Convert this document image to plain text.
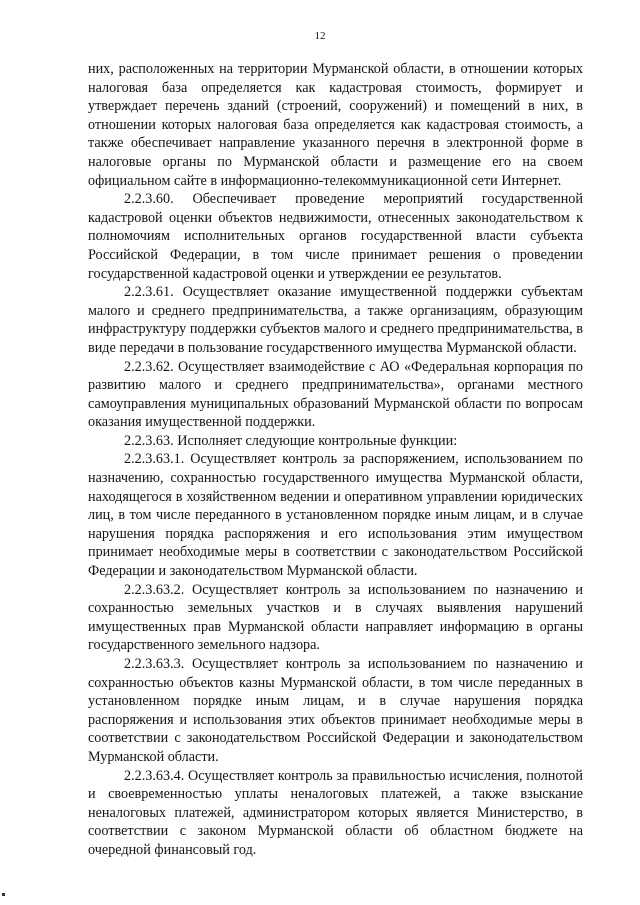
12

них, расположенных на территории Мурманской области, в отношении которых налоговая база определяется как кадастровая стоимость, формирует и утверждает перечень зданий (строений, сооружений) и помещений в них, в отношении которых налоговая база определяется как кадастровая стоимость, а также обеспечивает направление указанного перечня в электронной форме в налоговые органы по Мурманской области и размещение его на своем официальном сайте в информационно-телекоммуникационной сети Интернет.

2.2.3.60. Обеспечивает проведение мероприятий государственной кадастровой оценки объектов недвижимости, отнесенных законодательством к полномочиям исполнительных органов государственной власти субъекта Российской Федерации, в том числе принимает решения о проведении государственной кадастровой оценки и утверждении ее результатов.

2.2.3.61. Осуществляет оказание имущественной поддержки субъектам малого и среднего предпринимательства, а также организациям, образующим инфраструктуру поддержки субъектов малого и среднего предпринимательства, в виде передачи в пользование государственного имущества Мурманской области.

2.2.3.62. Осуществляет взаимодействие с АО «Федеральная корпорация по развитию малого и среднего предпринимательства», органами местного самоуправления муниципальных образований Мурманской области по вопросам оказания имущественной поддержки.

2.2.3.63. Исполняет следующие контрольные функции:

2.2.3.63.1. Осуществляет контроль за распоряжением, использованием по назначению, сохранностью государственного имущества Мурманской области, находящегося в хозяйственном ведении и оперативном управлении юридических лиц, в том числе переданного в установленном порядке иным лицам, и в случае нарушения порядка распоряжения и его использования этим имуществом принимает необходимые меры в соответствии с законодательством Российской Федерации и законодательством Мурманской области.

2.2.3.63.2. Осуществляет контроль за использованием по назначению и сохранностью земельных участков и в случаях выявления нарушений имущественных прав Мурманской области направляет информацию в органы государственного земельного надзора.

2.2.3.63.3. Осуществляет контроль за использованием по назначению и сохранностью объектов казны Мурманской области, в том числе переданных в установленном порядке иным лицам, и в случае нарушения порядка распоряжения и использования этих объектов принимает необходимые меры в соответствии с законодательством Российской Федерации и законодательством Мурманской области.

2.2.3.63.4. Осуществляет контроль за правильностью исчисления, полнотой и своевременностью уплаты неналоговых платежей, а также взыскание неналоговых платежей, администратором которых является Министерство, в соответствии с законом Мурманской области об областном бюджете на очередной финансовый год.
